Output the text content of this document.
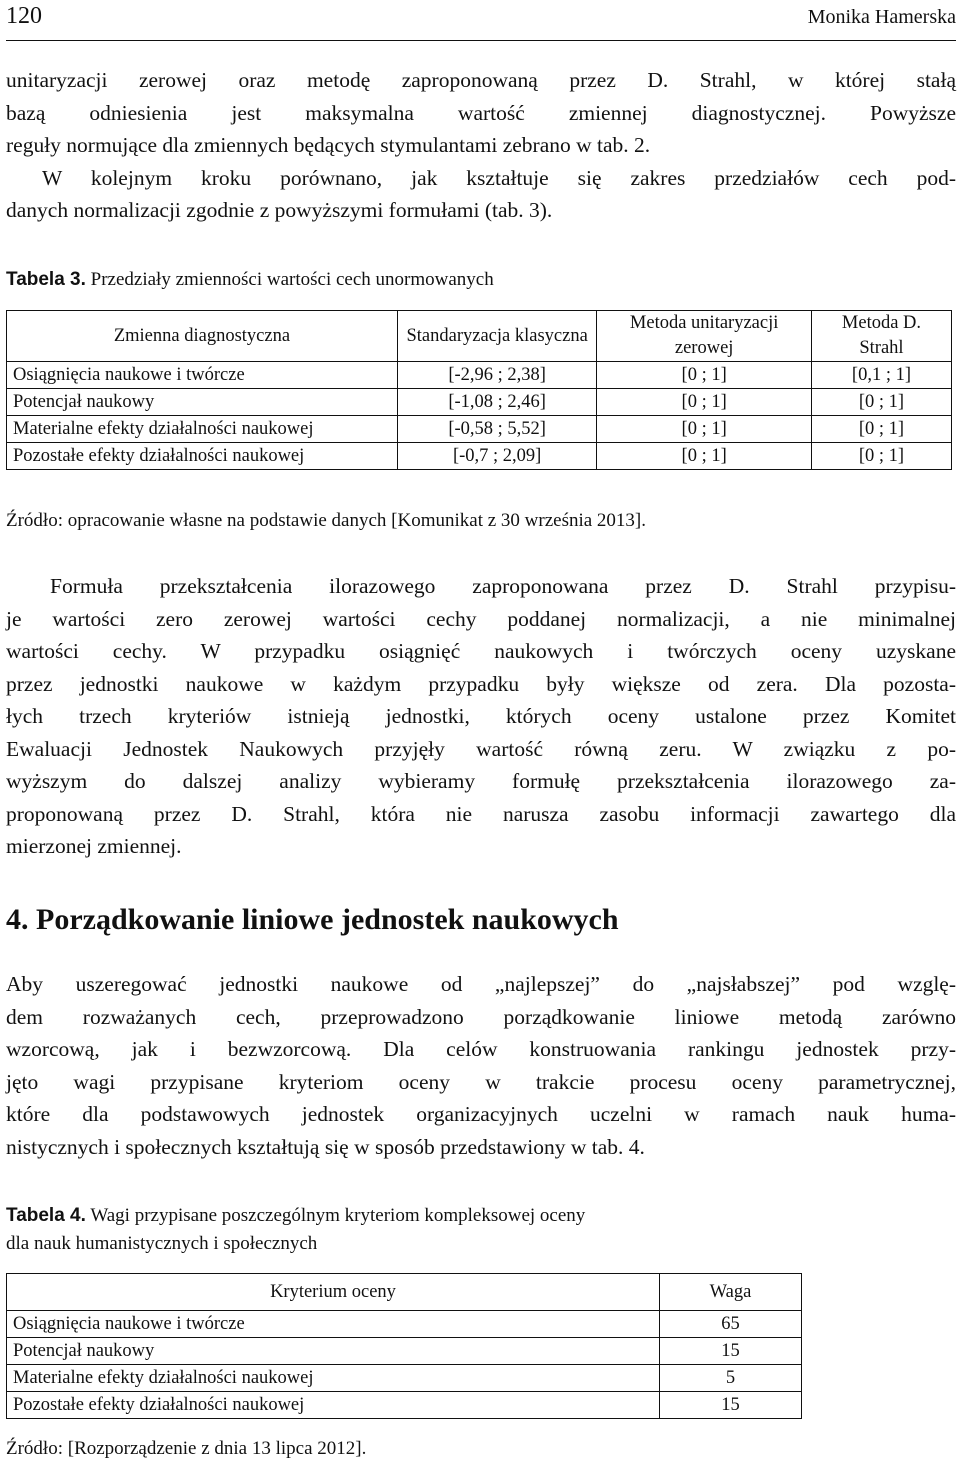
120	Monika Hamerska

unitaryzacji zerowej oraz metodę zaproponowaną przez D. Strahl, w której stałą
bazą odniesienia jest maksymalna wartość zmiennej diagnostycznej. Powyższe
reguły normujące dla zmiennych będących stymulantami zebrano w tab. 2.
W kolejnym kroku porównano, jak kształtuje się zakres przedziałów cech pod-
danych normalizacji zgodnie z powyższymi formułami (tab. 3).

Tabela 3. Przedziały zmienności wartości cech unormowanych

Zmienna diagnostyczna	Standaryzacja klasyczna	Metoda unitaryzacji zerowej	Metoda D. Strahl
Osiągnięcia naukowe i twórcze	[-2,96 ; 2,38]	[0 ; 1]	[0,1 ; 1]
Potencjał naukowy	[-1,08 ; 2,46]	[0 ; 1]	[0 ; 1]
Materialne efekty działalności naukowej	[-0,58 ; 5,52]	[0 ; 1]	[0 ; 1]
Pozostałe efekty działalności naukowej	[-0,7 ; 2,09]	[0 ; 1]	[0 ; 1]

Źródło: opracowanie własne na podstawie danych [Komunikat z 30 września 2013].

Formuła przekształcenia ilorazowego zaproponowana przez D. Strahl przypisu-
je wartości zero zerowej wartości cechy poddanej normalizacji, a nie minimalnej
wartości cechy. W przypadku osiągnięć naukowych i twórczych oceny uzyskane
przez jednostki naukowe w każdym przypadku były większe od zera. Dla pozosta-
łych trzech kryteriów istnieją jednostki, których oceny ustalone przez Komitet
Ewaluacji Jednostek Naukowych przyjęły wartość równą zeru. W związku z po-
wyższym do dalszej analizy wybieramy formułę przekształcenia ilorazowego za-
proponowaną przez D. Strahl, która nie narusza zasobu informacji zawartego dla
mierzonej zmiennej.

4. Porządkowanie liniowe jednostek naukowych

Aby uszeregować jednostki naukowe od „najlepszej” do „najsłabszej” pod wzglę-
dem rozważanych cech, przeprowadzono porządkowanie liniowe metodą zarówno
wzorcową, jak i bezwzorcową. Dla celów konstruowania rankingu jednostek przy-
jęto wagi przypisane kryteriom oceny w trakcie procesu oceny parametrycznej,
które dla podstawowych jednostek organizacyjnych uczelni w ramach nauk huma-
nistycznych i społecznych kształtują się w sposób przedstawiony w tab. 4.

Tabela 4. Wagi przypisane poszczególnym kryteriom kompleksowej oceny
dla nauk humanistycznych i społecznych

Kryterium oceny	Waga
Osiągnięcia naukowe i twórcze	65
Potencjał naukowy	15
Materialne efekty działalności naukowej	5
Pozostałe efekty działalności naukowej	15

Źródło: [Rozporządzenie z dnia 13 lipca 2012].
